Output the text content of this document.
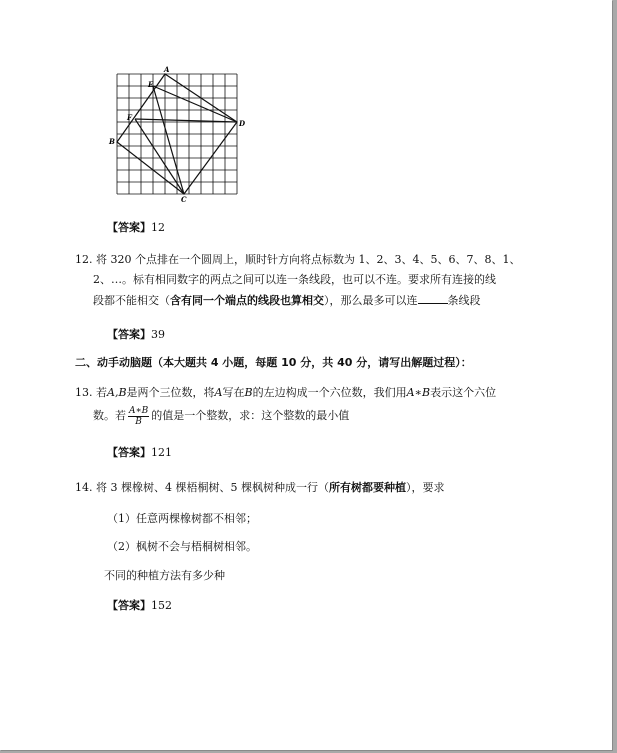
A
E
F
B
D
C
【答案】12
12. 将 320 个点排在一个圆周上，顺时针方向将点标数为 1、2、3、4、5、6、7、8、1、
2、…。标有相同数字的两点之间可以连一条线段，也可以不连。要求所有连接的线
段都不能相交（含有同一个端点的线段也算相交），那么最多可以连	条线段
【答案】39
二、动手动脑题（本大题共 4 小题，每题 10 分，共 40 分，请写出解题过程）：
13. 若A,B是两个三位数，将A写在B的左边构成一个六位数，我们用A∗B表示这个六位
数。若 $\frac{A∗B}{B}$ 的值是一个整数，求：这个整数的最小值
【答案】121
14. 将 3 棵橡树、4 棵梧桐树、5 棵枫树种成一行（所有树都要种植），要求
（1）任意两棵橡树都不相邻；
（2）枫树不会与梧桐树相邻。
不同的种植方法有多少种
【答案】152
